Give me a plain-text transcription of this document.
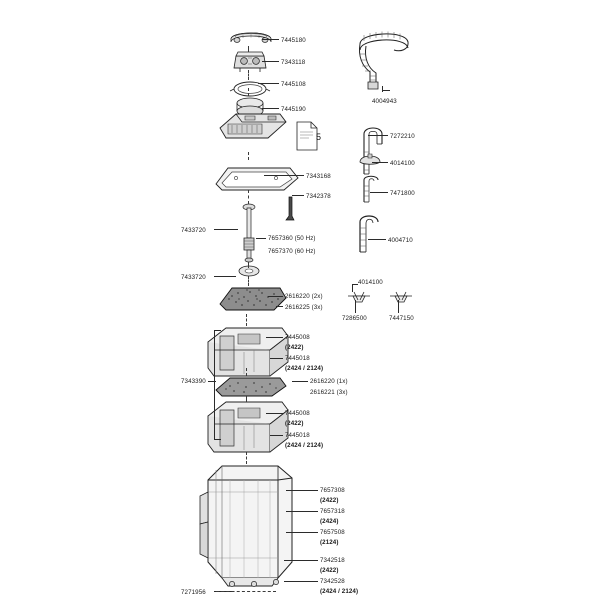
5
7445180
7343118
7445108
7445190
4004943
7272210
4014100
7471800
7343168
7342378
4004710
7433720
7657360 (50 Hz)
7657370 (60 Hz)
7433720
4014100
2616220 (2x)
2616225 (3x)
7286500	7447150
7445008
(2422)
7445018
(2424 / 2124)
7343390	2616220 (1x)
2616221 (3x)
7445008
(2422)
7445018
(2424 / 2124)
7657308
(2422)
7657318
(2424)
7657508
(2124)
7342518
(2422)
7342528
(2424 / 2124)
7271956
